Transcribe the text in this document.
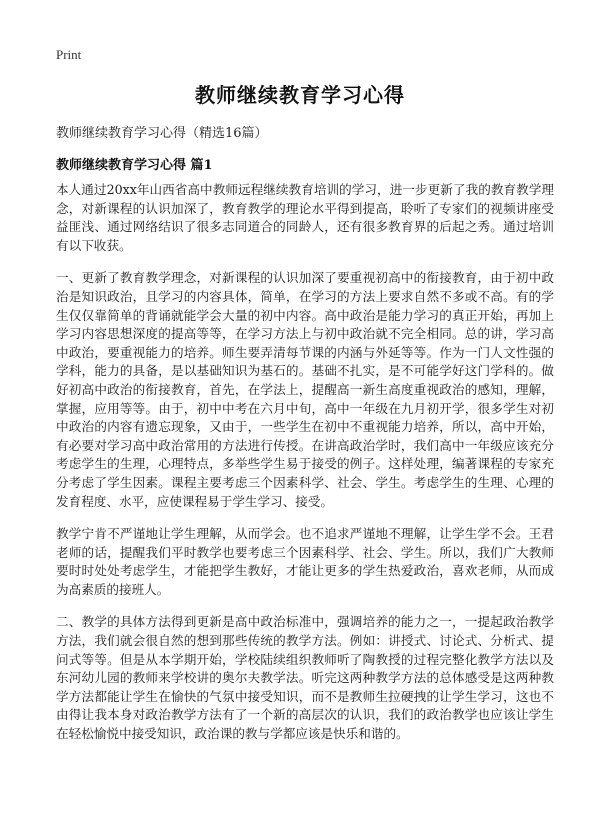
Print
教师继续教育学习心得
教师继续教育学习心得（精选16篇）
教师继续教育学习心得 篇1

本人通过20xx年山西省高中教师远程继续教育培训的学习，进一步更新了我的教育教学理念，对新课程的认识加深了，教育教学的理论水平得到提高，聆听了专家们的视频讲座受益匪浅、通过网络结识了很多志同道合的同龄人，还有很多教育界的后起之秀。通过培训有以下收获。

一、更新了教育教学理念，对新课程的认识加深了要重视初高中的衔接教育，由于初中政治是知识政治，且学习的内容具体，简单，在学习的方法上要求自然不多或不高。有的学生仅仅靠简单的背诵就能学会大量的初中内容。高中政治是能力学习的真正开始，再加上学习内容思想深度的提高等等，在学习方法上与初中政治就不完全相同。总的讲，学习高中政治，要重视能力的培养。师生要弄清每节课的内涵与外延等等。作为一门人文性强的学科，能力的具备，是以基础知识为基石的。基础不扎实，是不可能学好这门学科的。做好初高中政治的衔接教育，首先，在学法上，提醒高一新生高度重视政治的感知，理解，掌握，应用等等。由于，初中中考在六月中旬，高中一年级在九月初开学，很多学生对初中政治的内容有遗忘现象，又由于，一些学生在初中不重视能力培养，所以，高中开始，有必要对学习高中政治常用的方法进行传授。在讲高政治学时，我们高中一年级应该充分考虑学生的生理，心理特点，多举些学生易于接受的例子。这样处理，编著课程的专家充分考虑了学生因素。课程主要考虑三个因素科学、社会、学生。考虑学生的生理、心理的发育程度、水平，应使课程易于学生学习、接受。

教学宁肯不严谨地让学生理解，从而学会。也不追求严谨地不理解，让学生学不会。王君老师的话，提醒我们平时教学也要考虑三个因素科学、社会、学生。所以，我们广大教师要时时处处考虑学生，才能把学生教好，才能让更多的学生热爱政治，喜欢老师，从而成为高素质的接班人。

二、教学的具体方法得到更新是高中政治标准中，强调培养的能力之一，一提起政治教学方法，我们就会很自然的想到那些传统的教学方法。例如：讲授式、讨论式、分析式、提问式等等。但是从本学期开始，学校陆续组织教师听了陶教授的过程完整化教学方法以及东河幼儿园的教师来学校讲的奥尔夫教学法。听完这两种教学方法的总体感受是这两种教学方法都能让学生在愉快的气氛中接受知识，而不是教师生拉硬拽的让学生学习，这也不由得让我本身对政治教学方法有了一个新的高层次的认识，我们的政治教学也应该让学生在轻松愉悦中接受知识，政治课的教与学都应该是快乐和谐的。
